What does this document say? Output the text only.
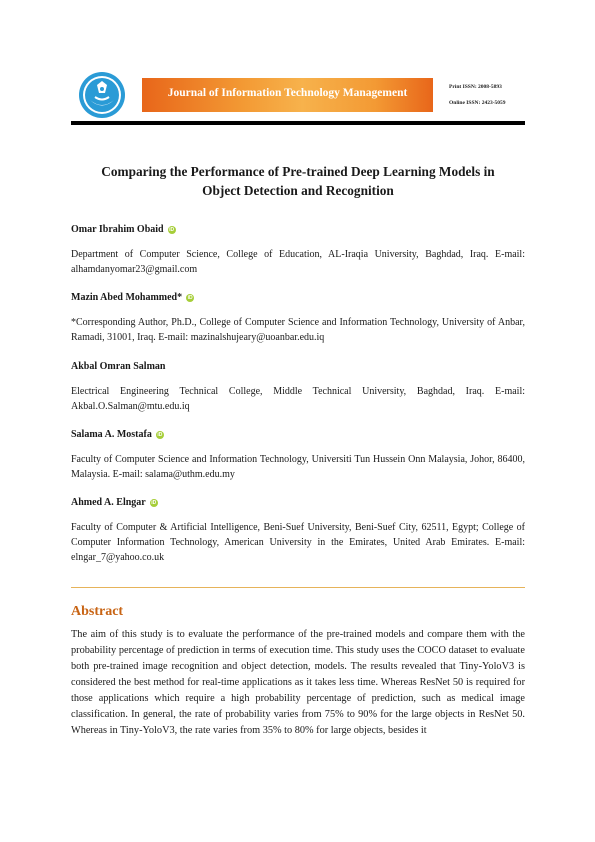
Journal of Information Technology Management	Print ISSN: 2008-5893
Online ISSN: 2423-5059
Comparing the Performance of Pre-trained Deep Learning Models in
Object Detection and Recognition
Omar Ibrahim Obaid iD
Department of Computer Science, College of Education, AL-Iraqia University, Baghdad, Iraq. E-mail: alhamdanyomar23@gmail.com
Mazin Abed Mohammed* iD
*Corresponding Author, Ph.D., College of Computer Science and Information Technology, University of Anbar, Ramadi, 31001, Iraq. E-mail: mazinalshujeary@uoanbar.edu.iq
Akbal Omran Salman
Electrical Engineering Technical College, Middle Technical University, Baghdad, Iraq. E-mail: Akbal.O.Salman@mtu.edu.iq
Salama A. Mostafa iD
Faculty of Computer Science and Information Technology, Universiti Tun Hussein Onn Malaysia, Johor, 86400, Malaysia. E-mail: salama@uthm.edu.my
Ahmed A. Elngar iD
Faculty of Computer & Artificial Intelligence, Beni-Suef University, Beni-Suef City, 62511, Egypt; College of Computer Information Technology, American University in the Emirates, United Arab Emirates. E-mail: elngar_7@yahoo.co.uk
Abstract
The aim of this study is to evaluate the performance of the pre-trained models and compare them with the probability percentage of prediction in terms of execution time. This study uses the COCO dataset to evaluate both pre-trained image recognition and object detection, models. The results revealed that Tiny-YoloV3 is considered the best method for real-time applications as it takes less time. Whereas ResNet 50 is required for those applications which require a high probability percentage of prediction, such as medical image classification. In general, the rate of probability varies from 75% to 90% for the large objects in ResNet 50. Whereas in Tiny-YoloV3, the rate varies from 35% to 80% for large objects, besides it
